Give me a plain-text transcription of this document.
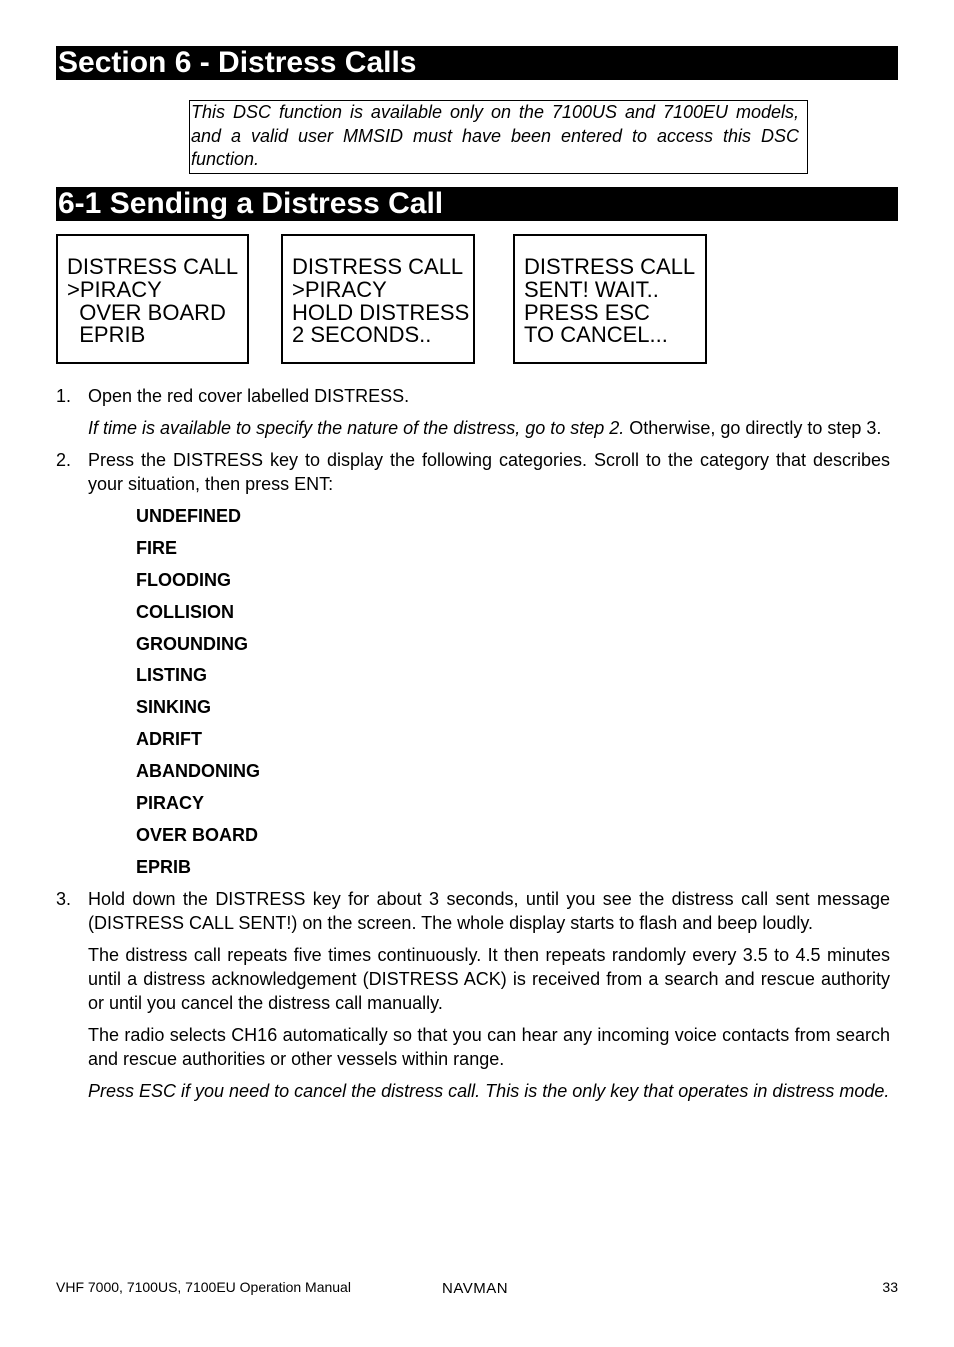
Section 6 - Distress Calls
This DSC function is available only on the 7100US and 7100EU models, and a valid user MMSID must have been entered to access this DSC function.
6-1 Sending a Distress Call
DISTRESS CALL
>PIRACY
OVER BOARD
EPRIB
DISTRESS CALL
>PIRACY
HOLD DISTRESS
2 SECONDS..
DISTRESS CALL
SENT! WAIT..
PRESS ESC
TO CANCEL...
1. Open the red cover labelled DISTRESS.

If time is available to specify the nature of the distress, go to step 2. Otherwise, go directly to step 3.

2. Press the DISTRESS key to display the following categories. Scroll to the category that describes your situation, then press ENT:

UNDEFINED
FIRE
FLOODING
COLLISION
GROUNDING
LISTING
SINKING
ADRIFT
ABANDONING
PIRACY
OVER BOARD
EPRIB
3. Hold down the DISTRESS key for about 3 seconds, until you see the distress call sent message (DISTRESS CALL SENT!) on the screen. The whole display starts to flash and beep loudly.

The distress call repeats five times continuously. It then repeats randomly every 3.5 to 4.5 minutes until a distress acknowledgement (DISTRESS ACK) is received from a search and rescue authority or until you cancel the distress call manually.

The radio selects CH16 automatically so that you can hear any incoming voice contacts from search and rescue authorities or other vessels within range.

Press ESC if you need to cancel the distress call. This is the only key that operates in distress mode.

VHF 7000, 7100US, 7100EU Operation Manual	NAVMAN	33
